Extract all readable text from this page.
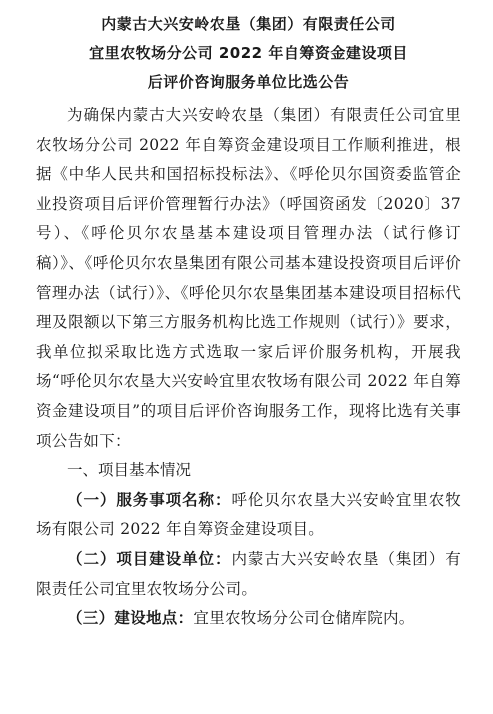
内蒙古大兴安岭农垦（集团）有限责任公司

宜里农牧场分公司 2022 年自筹资金建设项目

后评价咨询服务单位比选公告

为确保内蒙古大兴安岭农垦（集团）有限责任公司宜里农牧场分公司 2022 年自筹资金建设项目工作顺利推进，根据《中华人民共和国招标投标法》、《呼伦贝尔国资委监管企业投资项目后评价管理暂行办法》（呼国资函发〔2020〕37 号）、《呼伦贝尔农垦基本建设项目管理办法（试行修订稿）》、《呼伦贝尔农垦集团有限公司基本建设投资项目后评价管理办法（试行）》、《呼伦贝尔农垦集团基本建设项目招标代理及限额以下第三方服务机构比选工作规则（试行）》要求，我单位拟采取比选方式选取一家后评价服务机构，开展我场“呼伦贝尔农垦大兴安岭宜里农牧场有限公司 2022 年自筹资金建设项目”的项目后评价咨询服务工作，现将比选有关事项公告如下：

一、项目基本情况

（一）服务事项名称：呼伦贝尔农垦大兴安岭宜里农牧场有限公司 2022 年自筹资金建设项目。

（二）项目建设单位：内蒙古大兴安岭农垦（集团）有限责任公司宜里农牧场分公司。

（三）建设地点：宜里农牧场分公司仓储库院内。
